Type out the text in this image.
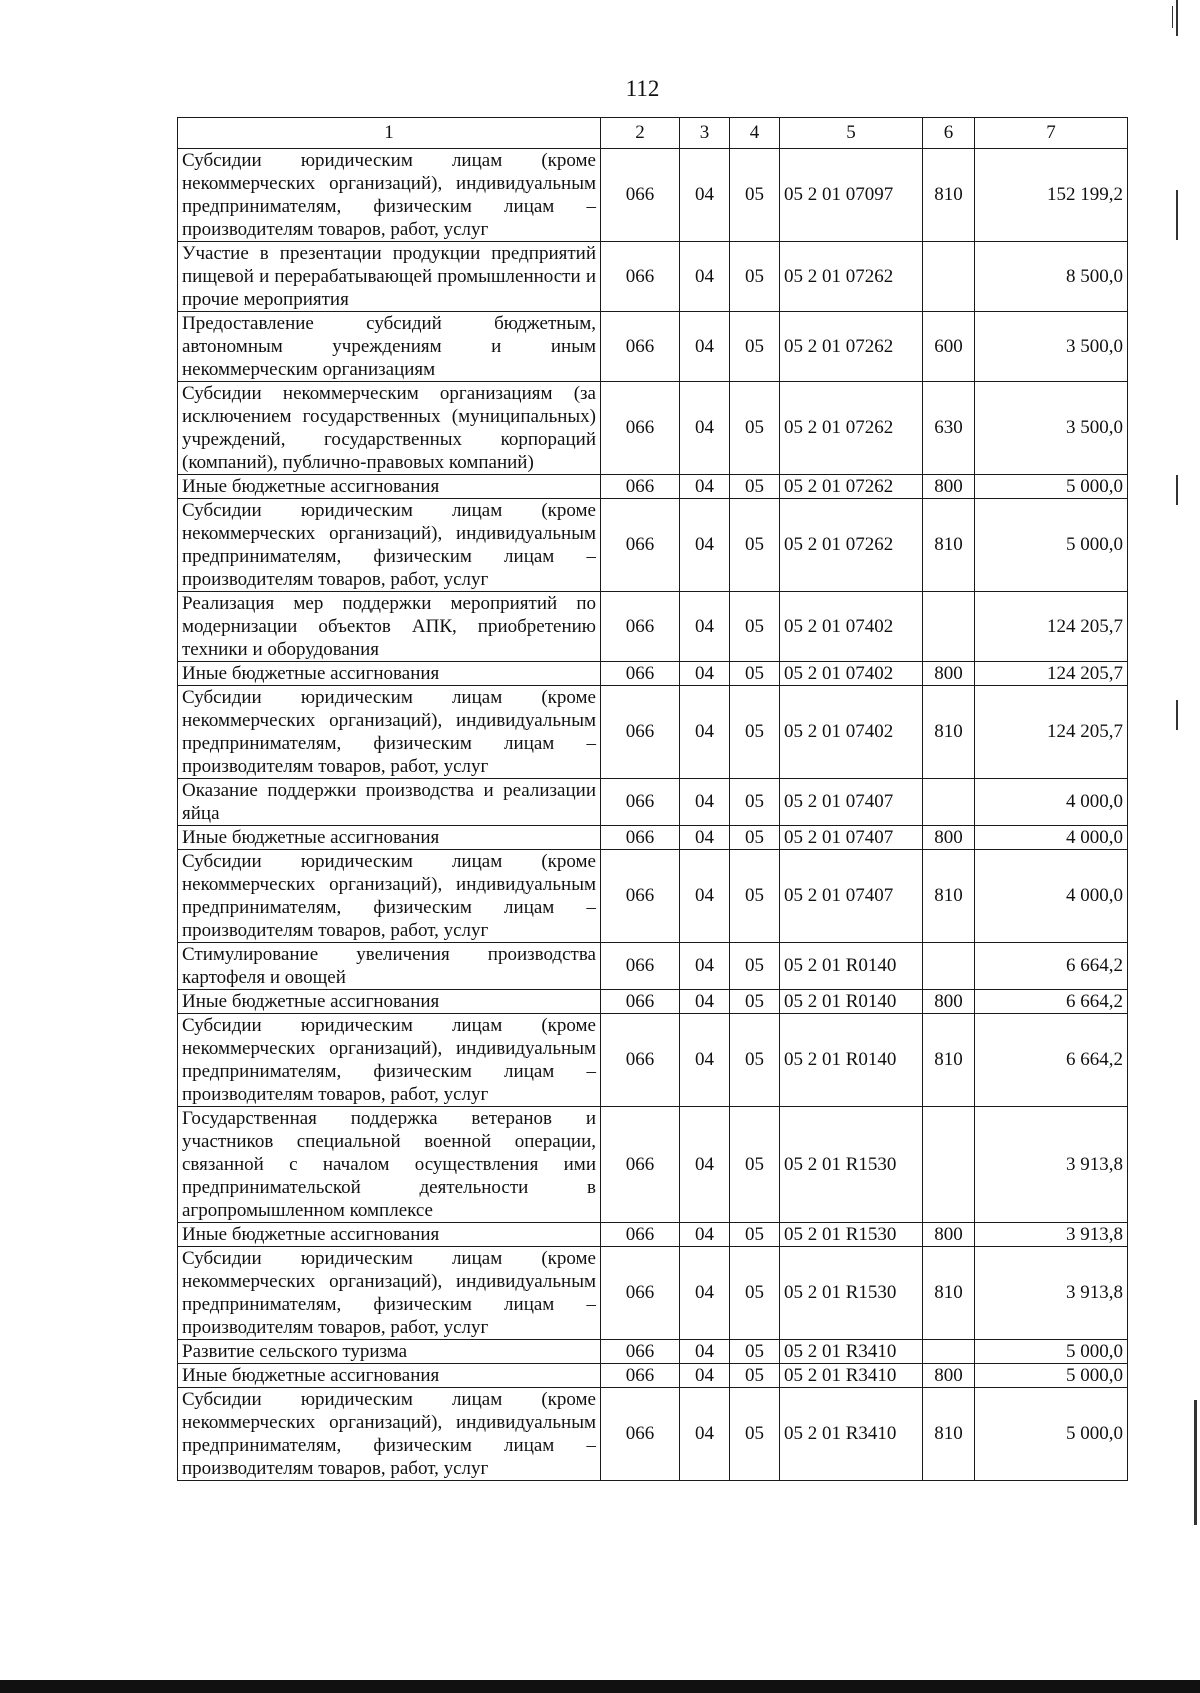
112
1	2	3	4	5	6	7
Субсидии юридическим лицам (кроме некоммерческих организаций), индивидуальным предпринимателям, физическим лицам – производителям товаров, работ, услуг	066	04	05	05 2 01 07097	810	152 199,2
Участие в презентации продукции предприятий пищевой и перерабатывающей промышленности и прочие мероприятия	066	04	05	05 2 01 07262		8 500,0
Предоставление субсидий бюджетным, автономным учреждениям и иным некоммерческим организациям	066	04	05	05 2 01 07262	600	3 500,0
Субсидии некоммерческим организациям (за исключением государственных (муниципальных) учреждений, государственных корпораций (компаний), публично-правовых компаний)	066	04	05	05 2 01 07262	630	3 500,0
Иные бюджетные ассигнования	066	04	05	05 2 01 07262	800	5 000,0
Субсидии юридическим лицам (кроме некоммерческих организаций), индивидуальным предпринимателям, физическим лицам – производителям товаров, работ, услуг	066	04	05	05 2 01 07262	810	5 000,0
Реализация мер поддержки мероприятий по модернизации объектов АПК, приобретению техники и оборудования	066	04	05	05 2 01 07402		124 205,7
Иные бюджетные ассигнования	066	04	05	05 2 01 07402	800	124 205,7
Субсидии юридическим лицам (кроме некоммерческих организаций), индивидуальным предпринимателям, физическим лицам – производителям товаров, работ, услуг	066	04	05	05 2 01 07402	810	124 205,7
Оказание поддержки производства и реализации яйца	066	04	05	05 2 01 07407		4 000,0
Иные бюджетные ассигнования	066	04	05	05 2 01 07407	800	4 000,0
Субсидии юридическим лицам (кроме некоммерческих организаций), индивидуальным предпринимателям, физическим лицам – производителям товаров, работ, услуг	066	04	05	05 2 01 07407	810	4 000,0
Стимулирование увеличения производства картофеля и овощей	066	04	05	05 2 01 R0140		6 664,2
Иные бюджетные ассигнования	066	04	05	05 2 01 R0140	800	6 664,2
Субсидии юридическим лицам (кроме некоммерческих организаций), индивидуальным предпринимателям, физическим лицам – производителям товаров, работ, услуг	066	04	05	05 2 01 R0140	810	6 664,2
Государственная поддержка ветеранов и участников специальной военной операции, связанной с началом осуществления ими предпринимательской деятельности в агропромышленном комплексе	066	04	05	05 2 01 R1530		3 913,8
Иные бюджетные ассигнования	066	04	05	05 2 01 R1530	800	3 913,8
Субсидии юридическим лицам (кроме некоммерческих организаций), индивидуальным предпринимателям, физическим лицам – производителям товаров, работ, услуг	066	04	05	05 2 01 R1530	810	3 913,8
Развитие сельского туризма	066	04	05	05 2 01 R3410		5 000,0
Иные бюджетные ассигнования	066	04	05	05 2 01 R3410	800	5 000,0
Субсидии юридическим лицам (кроме некоммерческих организаций), индивидуальным предпринимателям, физическим лицам – производителям товаров, работ, услуг	066	04	05	05 2 01 R3410	810	5 000,0
